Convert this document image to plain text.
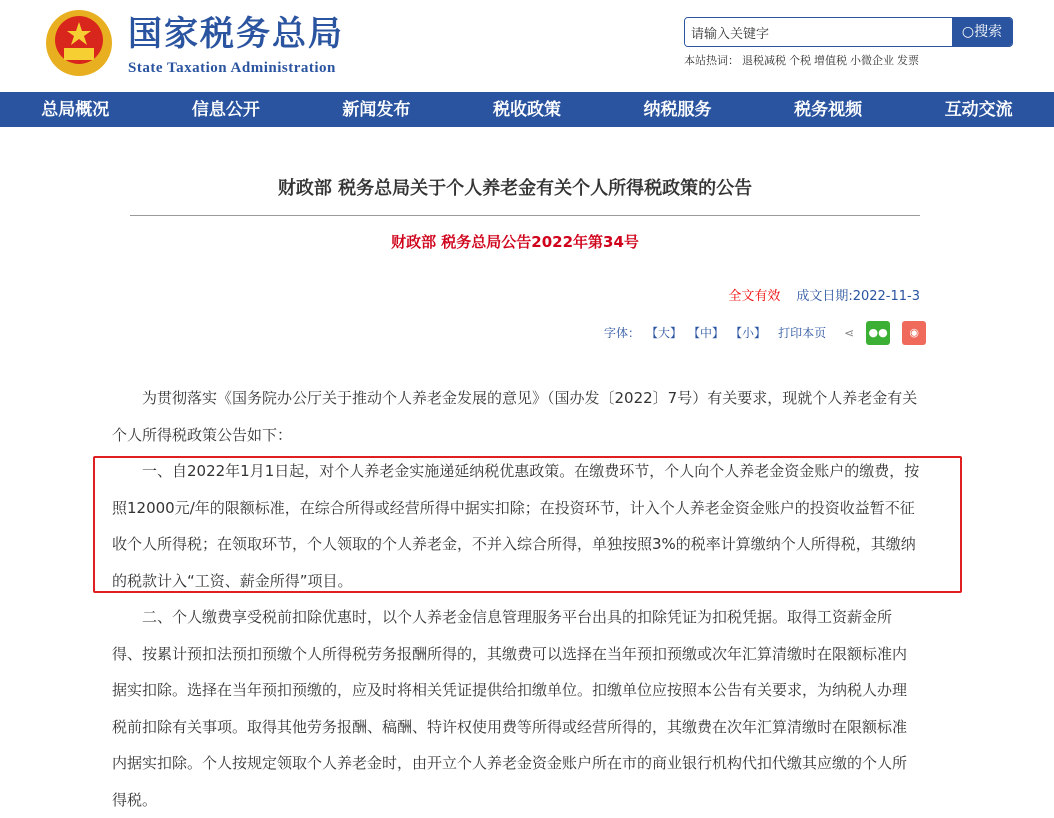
国家税务总局
State Taxation Administration
请输入关键字
○搜索
本站热词： 退税减税 个税 增值税 小微企业 发票
总局概况	信息公开	新闻发布	税收政策	纳税服务	税务视频	互动交流
财政部 税务总局关于个人养老金有关个人所得税政策的公告
财政部 税务总局公告2022年第34号
全文有效 成文日期:2022-11-3
字体： 【大】 【中】 【小】 打印本页 ⋖ ●●	◉

为贯彻落实《国务院办公厅关于推动个人养老金发展的意见》（国办发〔2022〕7号）有关要求，现就个人养老金有关个人所得税政策公告如下：

一、自2022年1月1日起，对个人养老金实施递延纳税优惠政策。在缴费环节，个人向个人养老金资金账户的缴费，按照12000元/年的限额标准，在综合所得或经营所得中据实扣除；在投资环节，计入个人养老金资金账户的投资收益暂不征收个人所得税；在领取环节，个人领取的个人养老金，不并入综合所得，单独按照3%的税率计算缴纳个人所得税，其缴纳的税款计入“工资、薪金所得”项目。

二、个人缴费享受税前扣除优惠时，以个人养老金信息管理服务平台出具的扣除凭证为扣税凭据。取得工资薪金所得、按累计预扣法预扣预缴个人所得税劳务报酬所得的，其缴费可以选择在当年预扣预缴或次年汇算清缴时在限额标准内据实扣除。选择在当年预扣预缴的，应及时将相关凭证提供给扣缴单位。扣缴单位应按照本公告有关要求，为纳税人办理税前扣除有关事项。取得其他劳务报酬、稿酬、特许权使用费等所得或经营所得的，其缴费在次年汇算清缴时在限额标准内据实扣除。个人按规定领取个人养老金时，由开立个人养老金资金账户所在市的商业银行机构代扣代缴其应缴的个人所得税。
